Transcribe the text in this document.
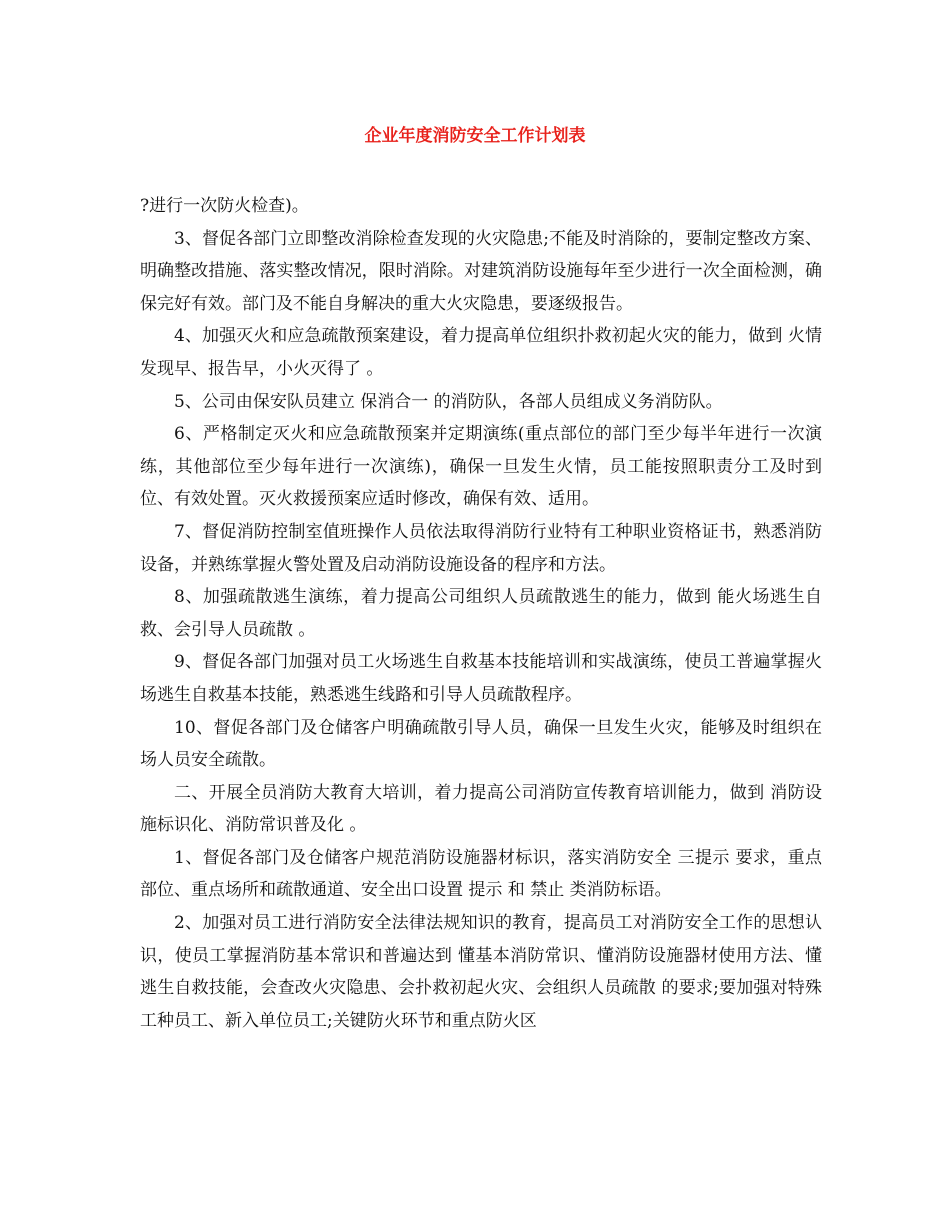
企业年度消防安全工作计划表

?进行一次防火检查)。

3、督促各部门立即整改消除检查发现的火灾隐患;不能及时消除的，要制定整改方案、明确整改措施、落实整改情况，限时消除。对建筑消防设施每年至少进行一次全面检测，确保完好有效。部门及不能自身解决的重大火灾隐患，要逐级报告。

4、加强灭火和应急疏散预案建设，着力提高单位组织扑救初起火灾的能力，做到 火情发现早、报告早，小火灭得了 。

5、公司由保安队员建立 保消合一 的消防队，各部人员组成义务消防队。

6、严格制定灭火和应急疏散预案并定期演练(重点部位的部门至少每半年进行一次演练，其他部位至少每年进行一次演练)，确保一旦发生火情，员工能按照职责分工及时到位、有效处置。灭火救援预案应适时修改，确保有效、适用。

7、督促消防控制室值班操作人员依法取得消防行业特有工种职业资格证书，熟悉消防设备，并熟练掌握火警处置及启动消防设施设备的程序和方法。

8、加强疏散逃生演练，着力提高公司组织人员疏散逃生的能力，做到 能火场逃生自救、会引导人员疏散 。

9、督促各部门加强对员工火场逃生自救基本技能培训和实战演练，使员工普遍掌握火场逃生自救基本技能，熟悉逃生线路和引导人员疏散程序。

10、督促各部门及仓储客户明确疏散引导人员，确保一旦发生火灾，能够及时组织在场人员安全疏散。

二、开展全员消防大教育大培训，着力提高公司消防宣传教育培训能力，做到 消防设施标识化、消防常识普及化 。

1、督促各部门及仓储客户规范消防设施器材标识，落实消防安全 三提示 要求，重点部位、重点场所和疏散通道、安全出口设置 提示 和 禁止 类消防标语。

2、加强对员工进行消防安全法律法规知识的教育，提高员工对消防安全工作的思想认识，使员工掌握消防基本常识和普遍达到 懂基本消防常识、懂消防设施器材使用方法、懂逃生自救技能，会查改火灾隐患、会扑救初起火灾、会组织人员疏散 的要求;要加强对特殊工种员工、新入单位员工;关键防火环节和重点防火区
